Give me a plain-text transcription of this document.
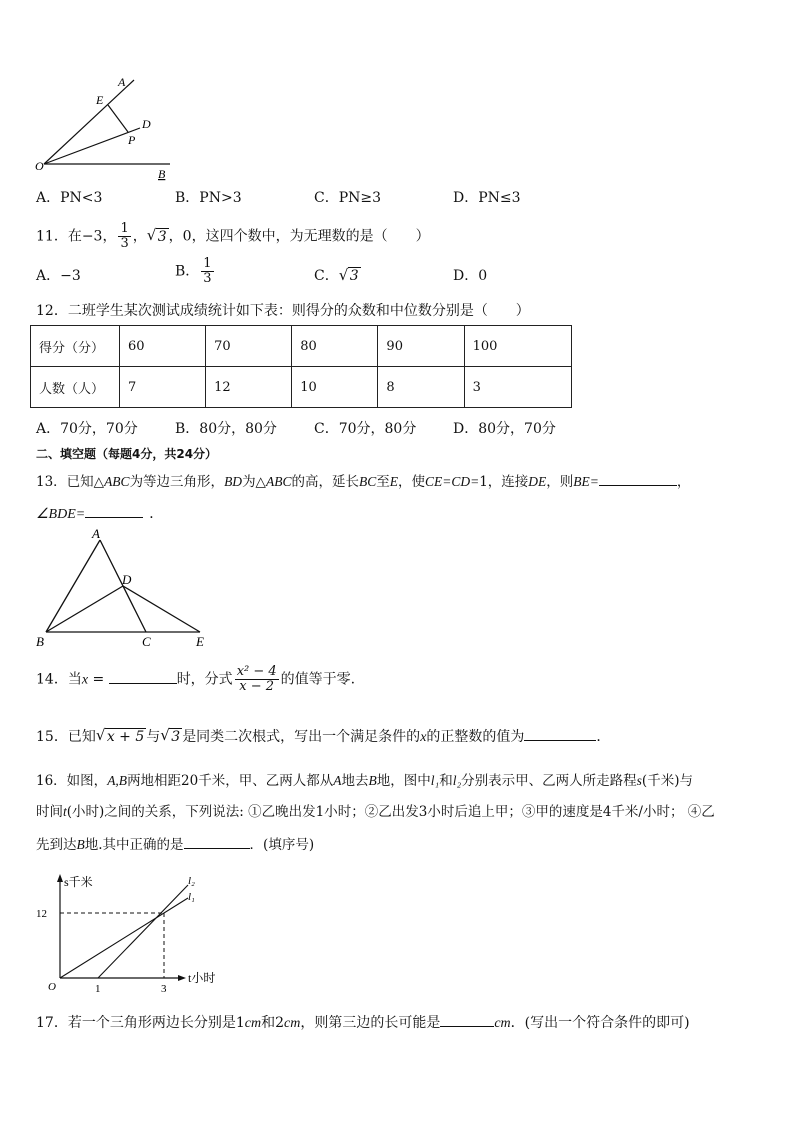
A
E
D
P
O
B
A．PN<3	B．PN>3	C．PN≥3	D．PN≤3
11．在−3， $\frac{1}{3}$ ， √ 3 ，0，这四个数中，为无理数的是（　　）
A．−3	B． $\frac{1}{3}$	C． √ 3	D．0
12．二班学生某次测试成绩统计如下表：则得分的众数和中位数分别是（　　）
得分（分）	60	70	80	90	100
人数（人）	7	12	10	8	3
A．70分，70分	B．80分，80分	C．70分，80分	D．80分，70分
二、填空题（每题4分，共24分）
13．已知△ABC为等边三角形，BD为△ABC的高，延长BC至E，使CE=CD=1，连接DE，则BE=	，
∠BDE=	．
A
D
B	C	E
14．当x =	时，分式 $\frac{\text{x² − 4}}{x - 2}$ 的值等于零.
15．已知 √ x + 5 与 √ 3 是同类二次根式，写出一个满足条件的x的正整数的值为	．
16．如图，A,B两地相距20千米，甲、乙两人都从A地去B地，图中l₁和l₂分别表示甲、乙两人所走路程s(千米)与
时间t(小时)之间的关系，下列说法: ①乙晚出发1小时；②乙出发3小时后追上甲；③甲的速度是4千米/小时； ④乙
先到达B地.其中正确的是	．(填序号)
s千米
t小时
12
1	3
O
l₂
l₁
17．若一个三角形两边长分别是1cm和2cm，则第三边的长可能是	cm．(写出一个符合条件的即可)
